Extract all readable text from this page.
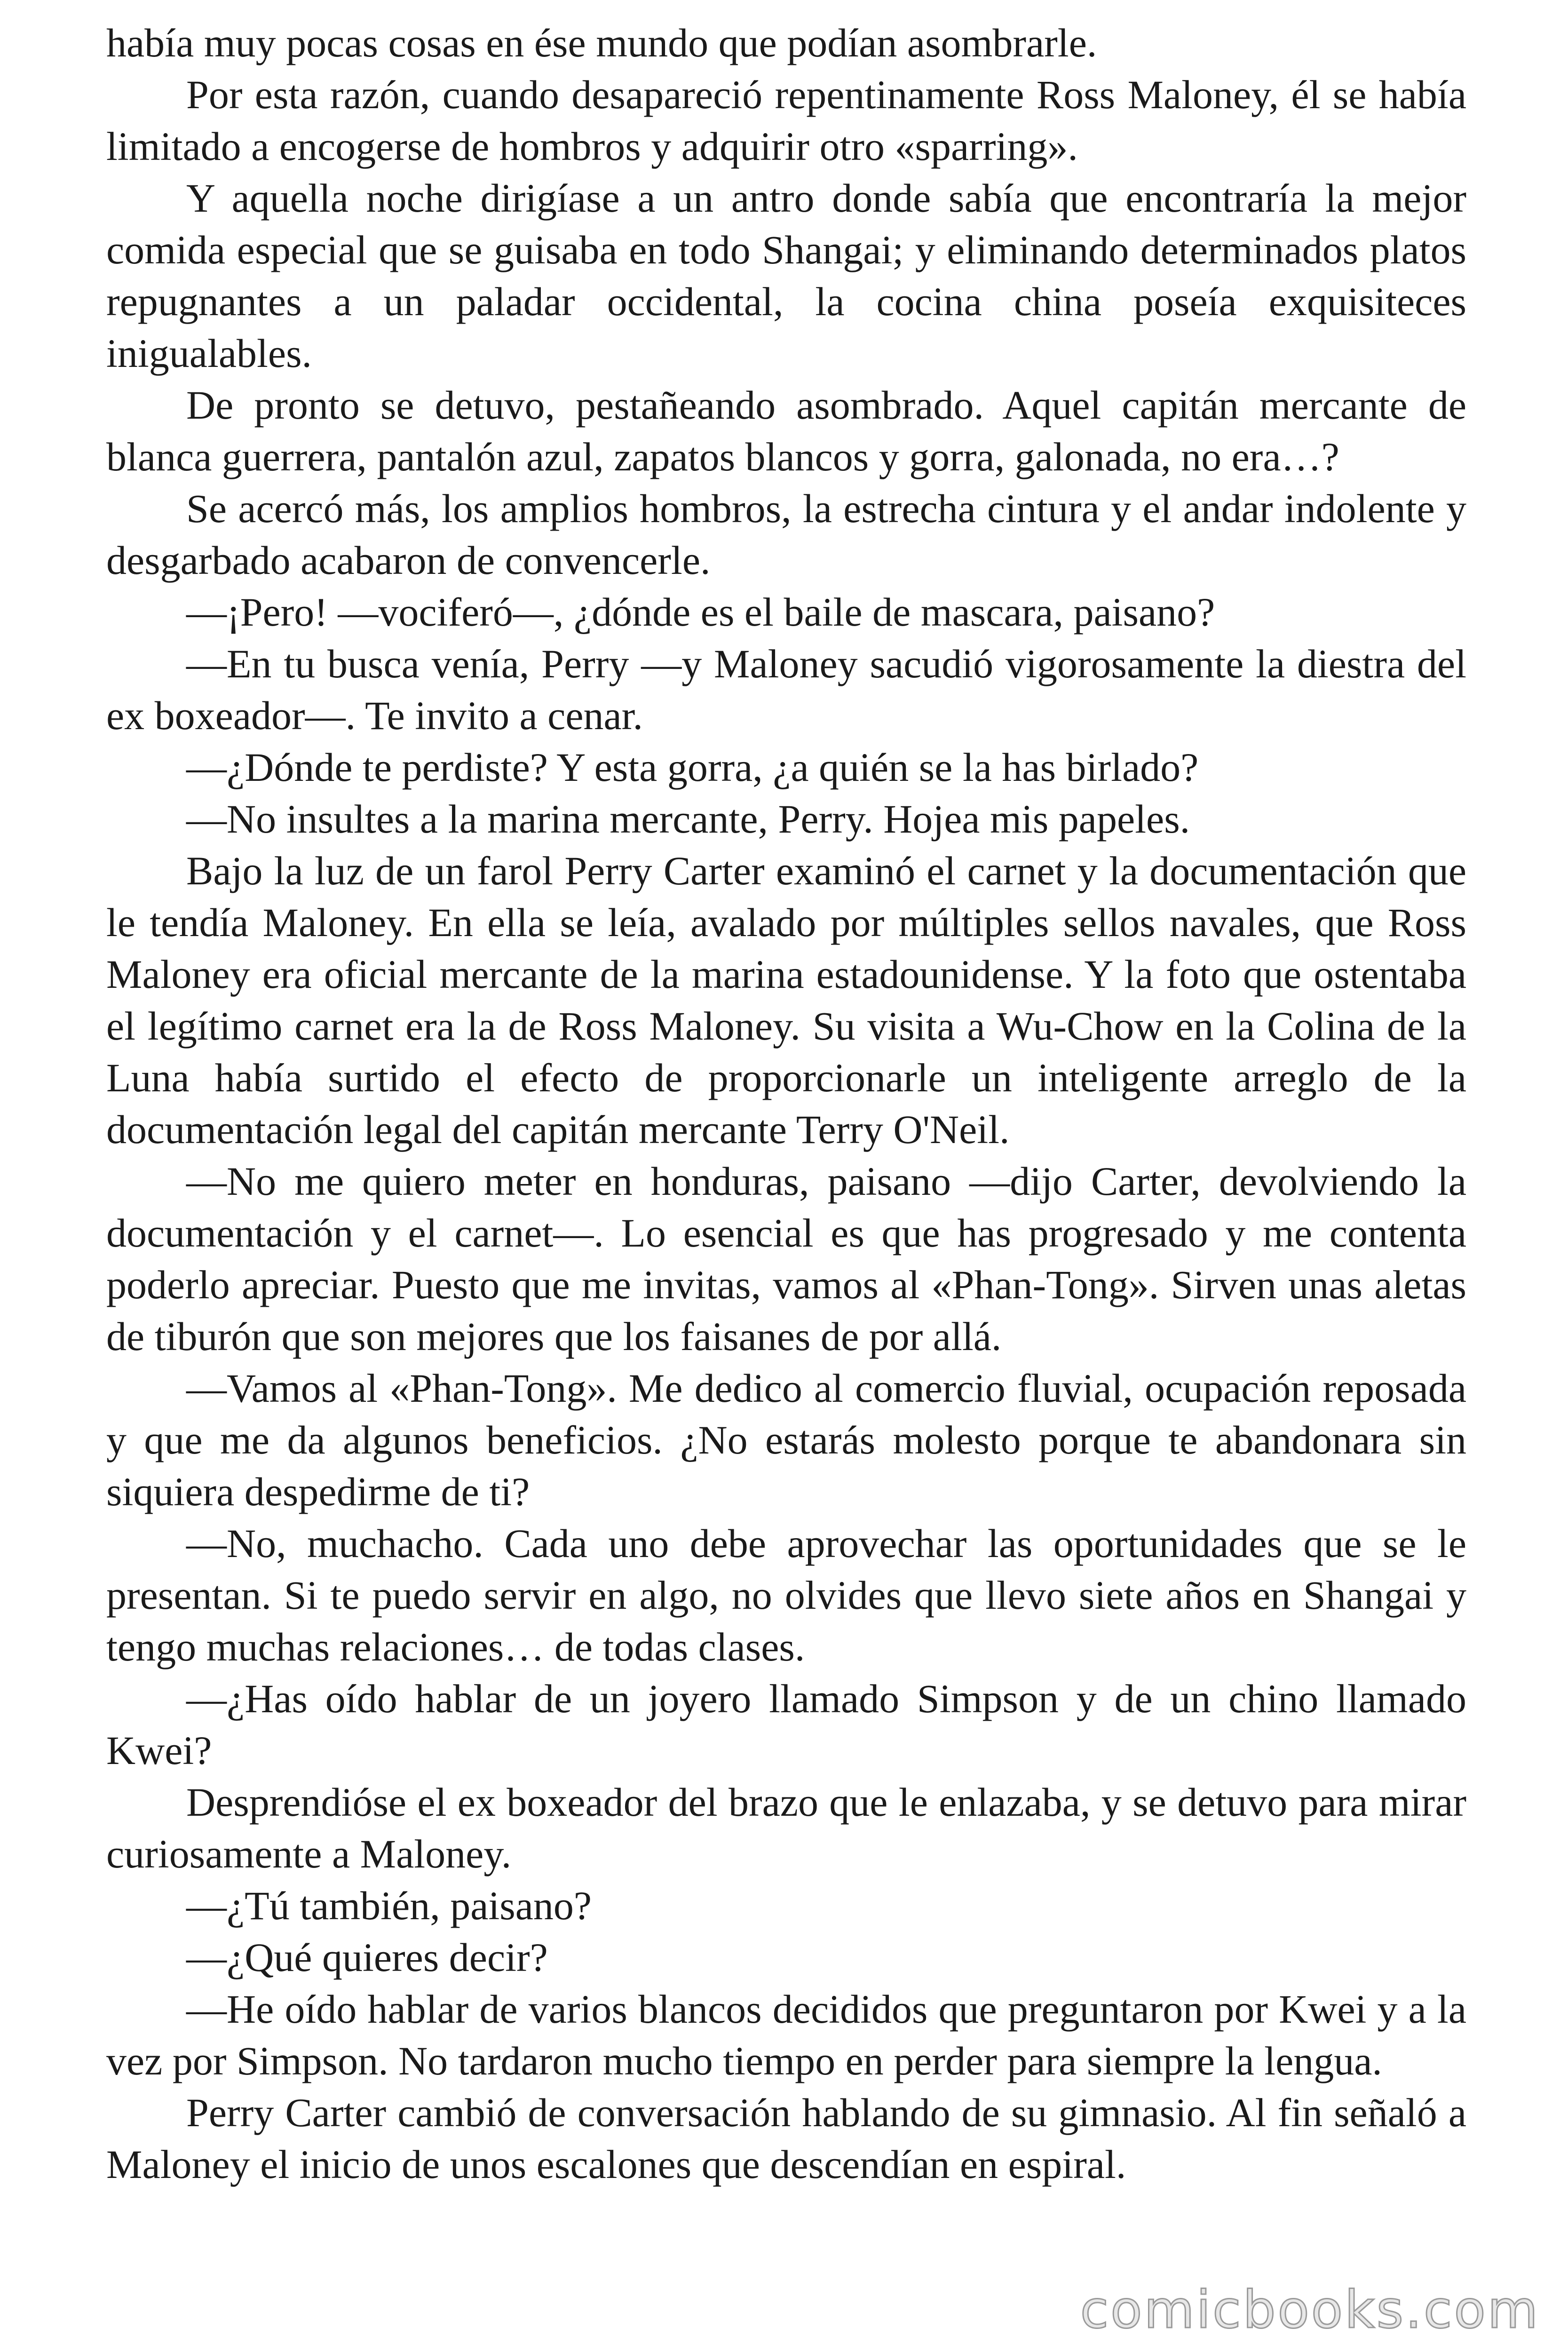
había muy pocas cosas en ése mundo que podían asombrarle.

Por esta razón, cuando desapareció repentinamente Ross Maloney, él se había limitado a encogerse de hombros y adquirir otro «sparring».

Y aquella noche dirigíase a un antro donde sabía que encontraría la mejor comida especial que se guisaba en todo Shangai; y eliminando determinados platos repugnantes a un paladar occidental, la cocina china poseía exquisiteces inigualables.

De pronto se detuvo, pestañeando asombrado. Aquel capitán mercante de blanca guerrera, pantalón azul, zapatos blancos y gorra, galonada, no era…?

Se acercó más, los amplios hombros, la estrecha cintura y el andar indolente y desgarbado acabaron de convencerle.

—¡Pero! —vociferó—, ¿dónde es el baile de mascara, paisano?

—En tu busca venía, Perry —y Maloney sacudió vigorosamente la diestra del ex boxeador—. Te invito a cenar.

—¿Dónde te perdiste? Y esta gorra, ¿a quién se la has birlado?

—No insultes a la marina mercante, Perry. Hojea mis papeles.

Bajo la luz de un farol Perry Carter examinó el carnet y la documentación que le tendía Maloney. En ella se leía, avalado por múltiples sellos navales, que Ross Maloney era oficial mercante de la marina estadounidense. Y la foto que ostentaba el legítimo carnet era la de Ross Maloney. Su visita a Wu-Chow en la Colina de la Luna había surtido el efecto de proporcionarle un inteligente arreglo de la documentación legal del capitán mercante Terry O'Neil.

—No me quiero meter en honduras, paisano —dijo Carter, devolviendo la documentación y el carnet—. Lo esencial es que has progresado y me contenta poderlo apreciar. Puesto que me invitas, vamos al «Phan-Tong». Sirven unas aletas de tiburón que son mejores que los faisanes de por allá.

—Vamos al «Phan-Tong». Me dedico al comercio fluvial, ocupación reposada y que me da algunos beneficios. ¿No estarás molesto porque te abandonara sin siquiera despedirme de ti?

—No, muchacho. Cada uno debe aprovechar las oportunidades que se le presentan. Si te puedo servir en algo, no olvides que llevo siete años en Shangai y tengo muchas relaciones… de todas clases.

—¿Has oído hablar de un joyero llamado Simpson y de un chino llamado Kwei?

Desprendióse el ex boxeador del brazo que le enlazaba, y se detuvo para mirar curiosamente a Maloney.

—¿Tú también, paisano?

—¿Qué quieres decir?

—He oído hablar de varios blancos decididos que preguntaron por Kwei y a la vez por Simpson. No tardaron mucho tiempo en perder para siempre la lengua.

Perry Carter cambió de conversación hablando de su gimnasio. Al fin señaló a Maloney el inicio de unos escalones que descendían en espiral.

comicbooks.com
